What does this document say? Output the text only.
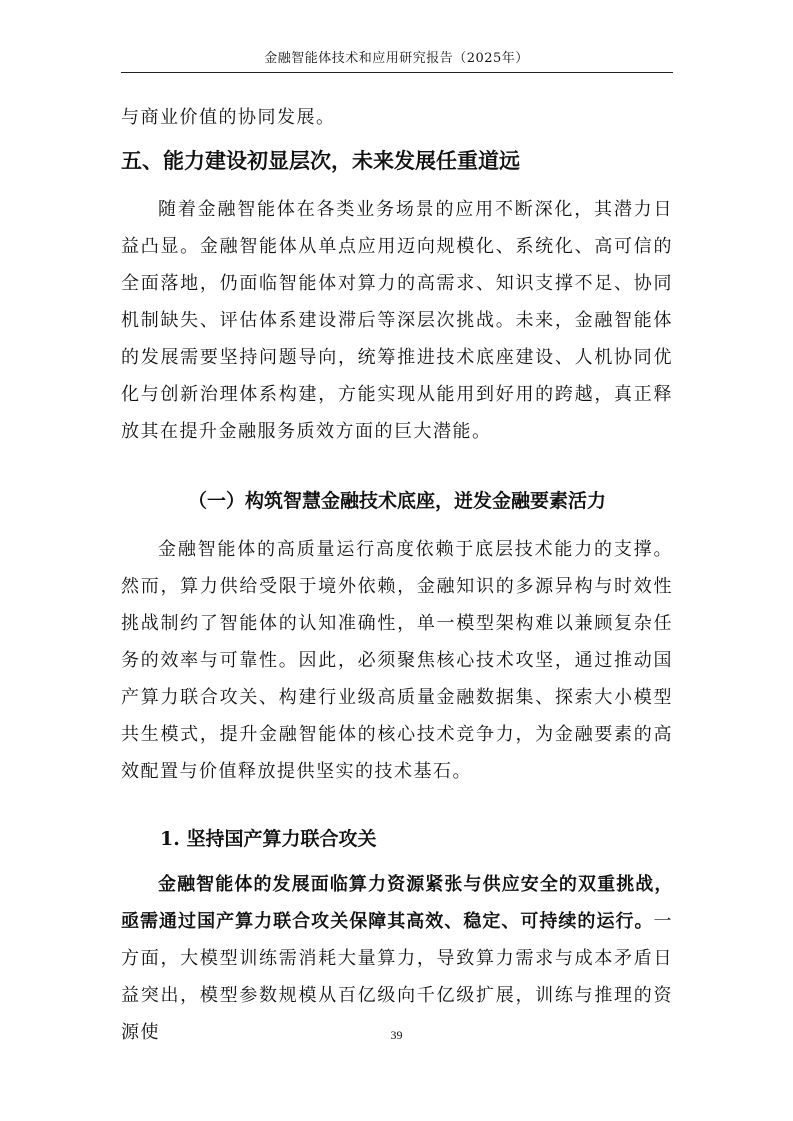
金融智能体技术和应用研究报告（2025年）

与商业价值的协同发展。

五、能力建设初显层次，未来发展任重道远

随着金融智能体在各类业务场景的应用不断深化，其潜力日益凸显。金融智能体从单点应用迈向规模化、系统化、高可信的全面落地，仍面临智能体对算力的高需求、知识支撑不足、协同机制缺失、评估体系建设滞后等深层次挑战。未来，金融智能体的发展需要坚持问题导向，统筹推进技术底座建设、人机协同优化与创新治理体系构建，方能实现从能用到好用的跨越，真正释放其在提升金融服务质效方面的巨大潜能。

（一）构筑智慧金融技术底座，迸发金融要素活力

金融智能体的高质量运行高度依赖于底层技术能力的支撑。然而，算力供给受限于境外依赖，金融知识的多源异构与时效性挑战制约了智能体的认知准确性，单一模型架构难以兼顾复杂任务的效率与可靠性。因此，必须聚焦核心技术攻坚，通过推动国产算力联合攻关、构建行业级高质量金融数据集、探索大小模型共生模式，提升金融智能体的核心技术竞争力，为金融要素的高效配置与价值释放提供坚实的技术基石。

1. 坚持国产算力联合攻关

金融智能体的发展面临算力资源紧张与供应安全的双重挑战，亟需通过国产算力联合攻关保障其高效、稳定、可持续的运行。一方面，大模型训练需消耗大量算力，导致算力需求与成本矛盾日益突出，模型参数规模从百亿级向千亿级扩展，训练与推理的资源使	39
